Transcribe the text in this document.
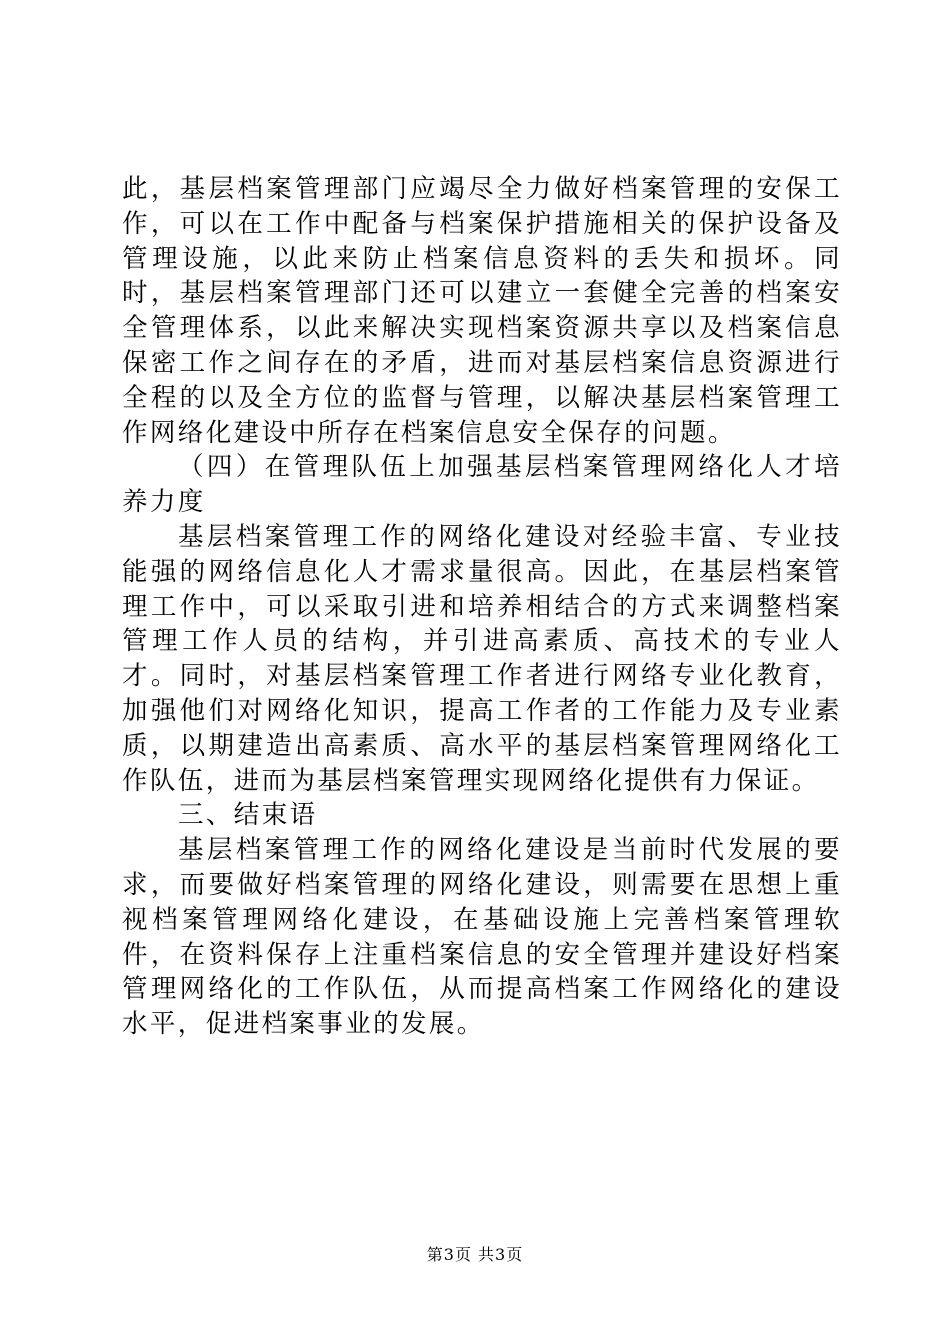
此，基层档案管理部门应竭尽全力做好档案管理的安保工作，可以在工作中配备与档案保护措施相关的保护设备及管理设施，以此来防止档案信息资料的丢失和损坏。同时，基层档案管理部门还可以建立一套健全完善的档案安全管理体系，以此来解决实现档案资源共享以及档案信息保密工作之间存在的矛盾，进而对基层档案信息资源进行全程的以及全方位的监督与管理，以解决基层档案管理工作网络化建设中所存在档案信息安全保存的问题。

（四）在管理队伍上加强基层档案管理网络化人才培养力度

基层档案管理工作的网络化建设对经验丰富、专业技能强的网络信息化人才需求量很高。因此，在基层档案管理工作中，可以采取引进和培养相结合的方式来调整档案管理工作人员的结构，并引进高素质、高技术的专业人才。同时，对基层档案管理工作者进行网络专业化教育，加强他们对网络化知识，提高工作者的工作能力及专业素质，以期建造出高素质、高水平的基层档案管理网络化工作队伍，进而为基层档案管理实现网络化提供有力保证。

三、结束语

基层档案管理工作的网络化建设是当前时代发展的要求，而要做好档案管理的网络化建设，则需要在思想上重视档案管理网络化建设，在基础设施上完善档案管理软件，在资料保存上注重档案信息的安全管理并建设好档案管理网络化的工作队伍，从而提高档案工作网络化的建设水平，促进档案事业的发展。

第3页 共3页
